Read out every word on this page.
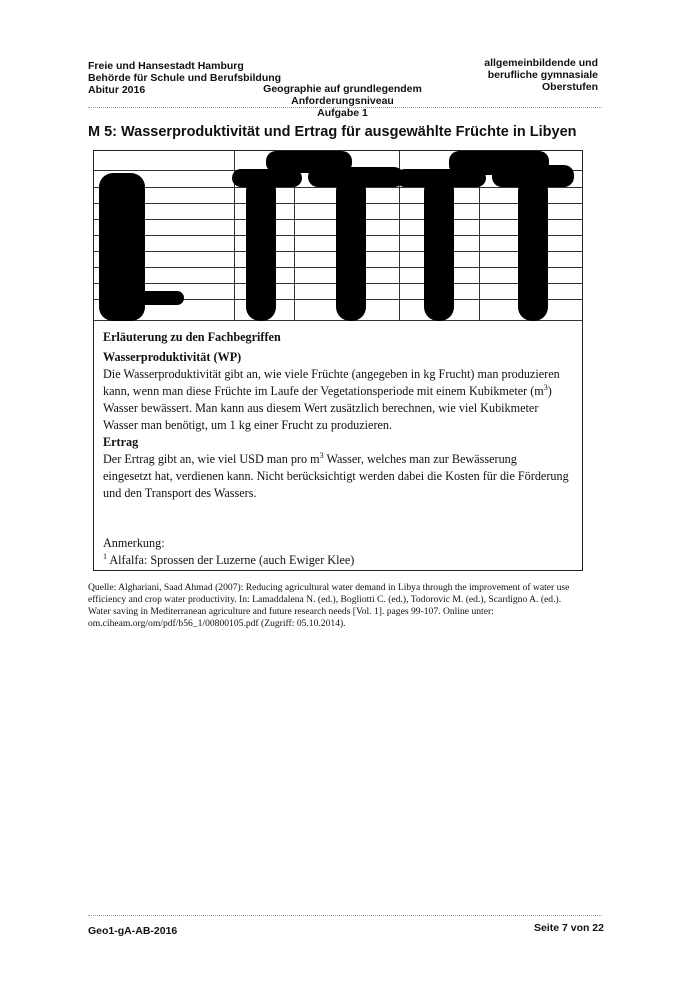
Freie und Hansestadt Hamburg
Behörde für Schule und Berufsbildung
Abitur 2016	Geographie auf grundlegendem Anforderungsniveau
Aufgabe 1
allgemeinbildende und
berufliche gymnasiale
Oberstufen
M 5: Wasserproduktivität und Ertrag für ausgewählte Früchte in Libyen
Erläuterung zu den Fachbegriffen
Wasserproduktivität (WP)
Die Wasserproduktivität gibt an, wie viele Früchte (angegeben in kg Frucht) man produzieren
kann, wenn man diese Früchte im Laufe der Vegetationsperiode mit einem Kubikmeter $(m^3)$
Wasser bewässert. Man kann aus diesem Wert zusätzlich berechnen, wie viel Kubikmeter
Wasser man benötigt, um 1 kg einer Frucht zu produzieren.
Ertrag
Der Ertrag gibt an, wie viel USD man pro $m^3$ Wasser, welches man zur Bewässerung
eingesetzt hat, verdienen kann. Nicht berücksichtigt werden dabei die Kosten für die Förderung
und den Transport des Wassers.
Anmerkung:
$^1$ Alfalfa: Sprossen der Luzerne (auch Ewiger Klee)
Quelle: Alghariani, Saad Ahmad (2007): Reducing agricultural water demand in Libya through the improvement of water use
efficiency and crop water productivity. In: Lamaddalena N. (ed.), Bogliotti C. (ed.), Todorovic M. (ed.), Scardigno A. (ed.).
Water saving in Mediterranean agriculture and future research needs [Vol. 1]. pages 99-107. Online unter:
om.ciheam.org/om/pdf/b56_1/00800105.pdf (Zugriff: 05.10.2014).
Geo1-gA-AB-2016	Seite 7 von 22
